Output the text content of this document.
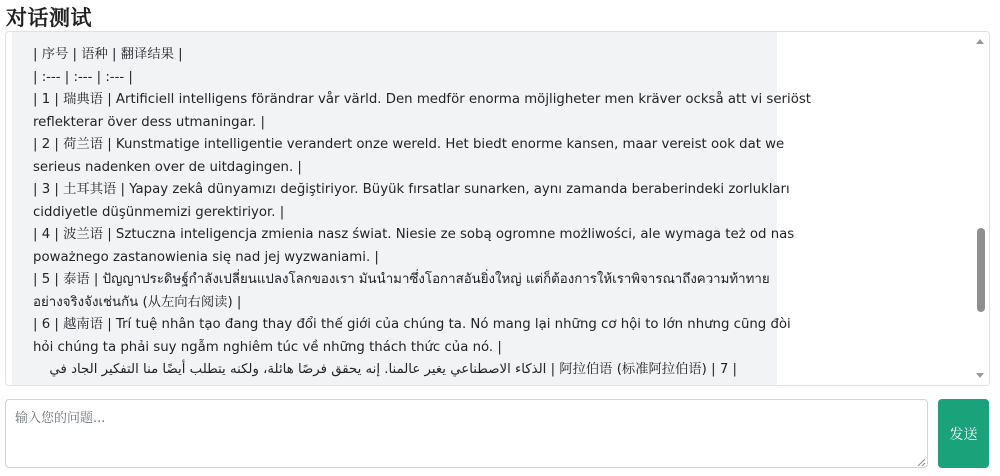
对话测试
| 序号 | 语种 | 翻译结果 |
| :--- | :--- | :--- |
| 1 | 瑞典语 | Artificiell intelligens förändrar vår värld. Den medför enorma möjligheter men kräver också att vi seriöst
reflekterar över dess utmaningar. |
| 2 | 荷兰语 | Kunstmatige intelligentie verandert onze wereld. Het biedt enorme kansen, maar vereist ook dat we
serieus nadenken over de uitdagingen. |
| 3 | 土耳其语 | Yapay zekâ dünyamızı değiştiriyor. Büyük fırsatlar sunarken, aynı zamanda beraberindeki zorlukları
ciddiyetle düşünmemizi gerektiriyor. |
| 4 | 波兰语 | Sztuczna inteligencja zmienia nasz świat. Niesie ze sobą ogromne możliwości, ale wymaga też od nas
poważnego zastanowienia się nad jej wyzwaniami. |
| 5 | 泰语 | ปัญญาประดิษฐ์กำลังเปลี่ยนแปลงโลกของเรา มันนำมาซึ่งโอกาสอันยิ่งใหญ่ แต่ก็ต้องการให้เราพิจารณาถึงความท้าทาย
อย่างจริงจังเช่นกัน (从左向右阅读) |
| 6 | 越南语 | Trí tuệ nhân tạo đang thay đổi thế giới của chúng ta. Nó mang lại những cơ hội to lớn nhưng cũng đòi
hỏi chúng ta phải suy ngẫm nghiêm túc về những thách thức của nó. |
| 7 | 阿拉伯语 (标准阿拉伯语) | الذكاء الاصطناعي يغير عالمنا. إنه يحقق فرصًا هائلة، ولكنه يتطلب أيضًا منا التفكير الجاد في
输入您的问题...
发送
